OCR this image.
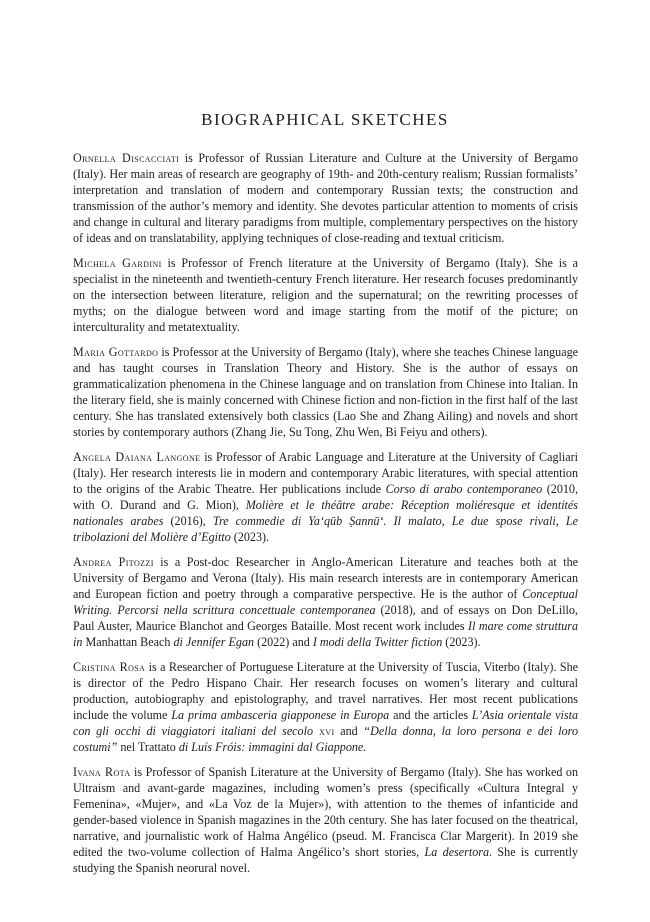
BIOGRAPHICAL SKETCHES

Ornella Discacciati is Professor of Russian Literature and Culture at the University of Bergamo (Italy). Her main areas of research are geography of 19th- and 20th-century realism; Russian formalists’ interpretation and translation of modern and contemporary Russian texts; the construction and transmission of the author’s memory and identity. She devotes particular attention to moments of crisis and change in cultural and literary paradigms from multiple, complementary perspectives on the history of ideas and on translatability, applying techniques of close-reading and textual criticism.

Michela Gardini is Professor of French literature at the University of Bergamo (Italy). She is a specialist in the nineteenth and twentieth-century French literature. Her research focuses predominantly on the intersection between literature, religion and the supernatural; on the rewriting processes of myths; on the dialogue between word and image starting from the motif of the picture; on interculturality and metatextuality.

Maria Gottardo is Professor at the University of Bergamo (Italy), where she teaches Chinese language and has taught courses in Translation Theory and History. She is the author of essays on grammaticalization phenomena in the Chinese language and on translation from Chinese into Italian. In the literary field, she is mainly concerned with Chinese fiction and non-fiction in the first half of the last century. She has translated extensively both classics (Lao She and Zhang Ailing) and novels and short stories by contemporary authors (Zhang Jie, Su Tong, Zhu Wen, Bi Feiyu and others).

Angela Daiana Langone is Professor of Arabic Language and Literature at the University of Cagliari (Italy). Her research interests lie in modern and contemporary Arabic literatures, with special attention to the origins of the Arabic Theatre. Her publications include Corso di arabo contemporaneo (2010, with O. Durand and G. Mion), Molière et le théâtre arabe: Réception moliéresque et identités nationales arabes (2016), Tre commedie di Ya‘qūb Ṣannū‘. Il malato, Le due spose rivali, Le tribolazioni del Molière d’Egitto (2023).

Andrea Pitozzi is a Post-doc Researcher in Anglo-American Literature and teaches both at the University of Bergamo and Verona (Italy). His main research interests are in contemporary American and European fiction and poetry through a comparative perspective. He is the author of Conceptual Writing. Percorsi nella scrittura concettuale contemporanea (2018), and of essays on Don DeLillo, Paul Auster, Maurice Blanchot and Georges Bataille. Most recent work includes Il mare come struttura in Manhattan Beach di Jennifer Egan (2022) and I modi della Twitter fiction (2023).

Cristina Rosa is a Researcher of Portuguese Literature at the University of Tuscia, Viterbo (Italy). She is director of the Pedro Hispano Chair. Her research focuses on women’s literary and cultural production, autobiography and epistolography, and travel narratives. Her most recent publications include the volume La prima ambasceria giapponese in Europa and the articles L’Asia orientale vista con gli occhi di viaggiatori italiani del secolo xvi and “Della donna, la loro persona e dei loro costumi” nel Trattato di Luís Fróis: immagini dal Giappone.

Ivana Rota is Professor of Spanish Literature at the University of Bergamo (Italy). She has worked on Ultraism and avant-garde magazines, including women’s press (specifically «Cultura Integral y Femenina», «Mujer», and «La Voz de la Mujer»), with attention to the themes of infanticide and gender-based violence in Spanish magazines in the 20th century. She has later focused on the theatrical, narrative, and journalistic work of Halma Angélico (pseud. M. Francisca Clar Margerit). In 2019 she edited the two-volume collection of Halma Angélico’s short stories, La desertora. She is currently studying the Spanish neorural novel.
